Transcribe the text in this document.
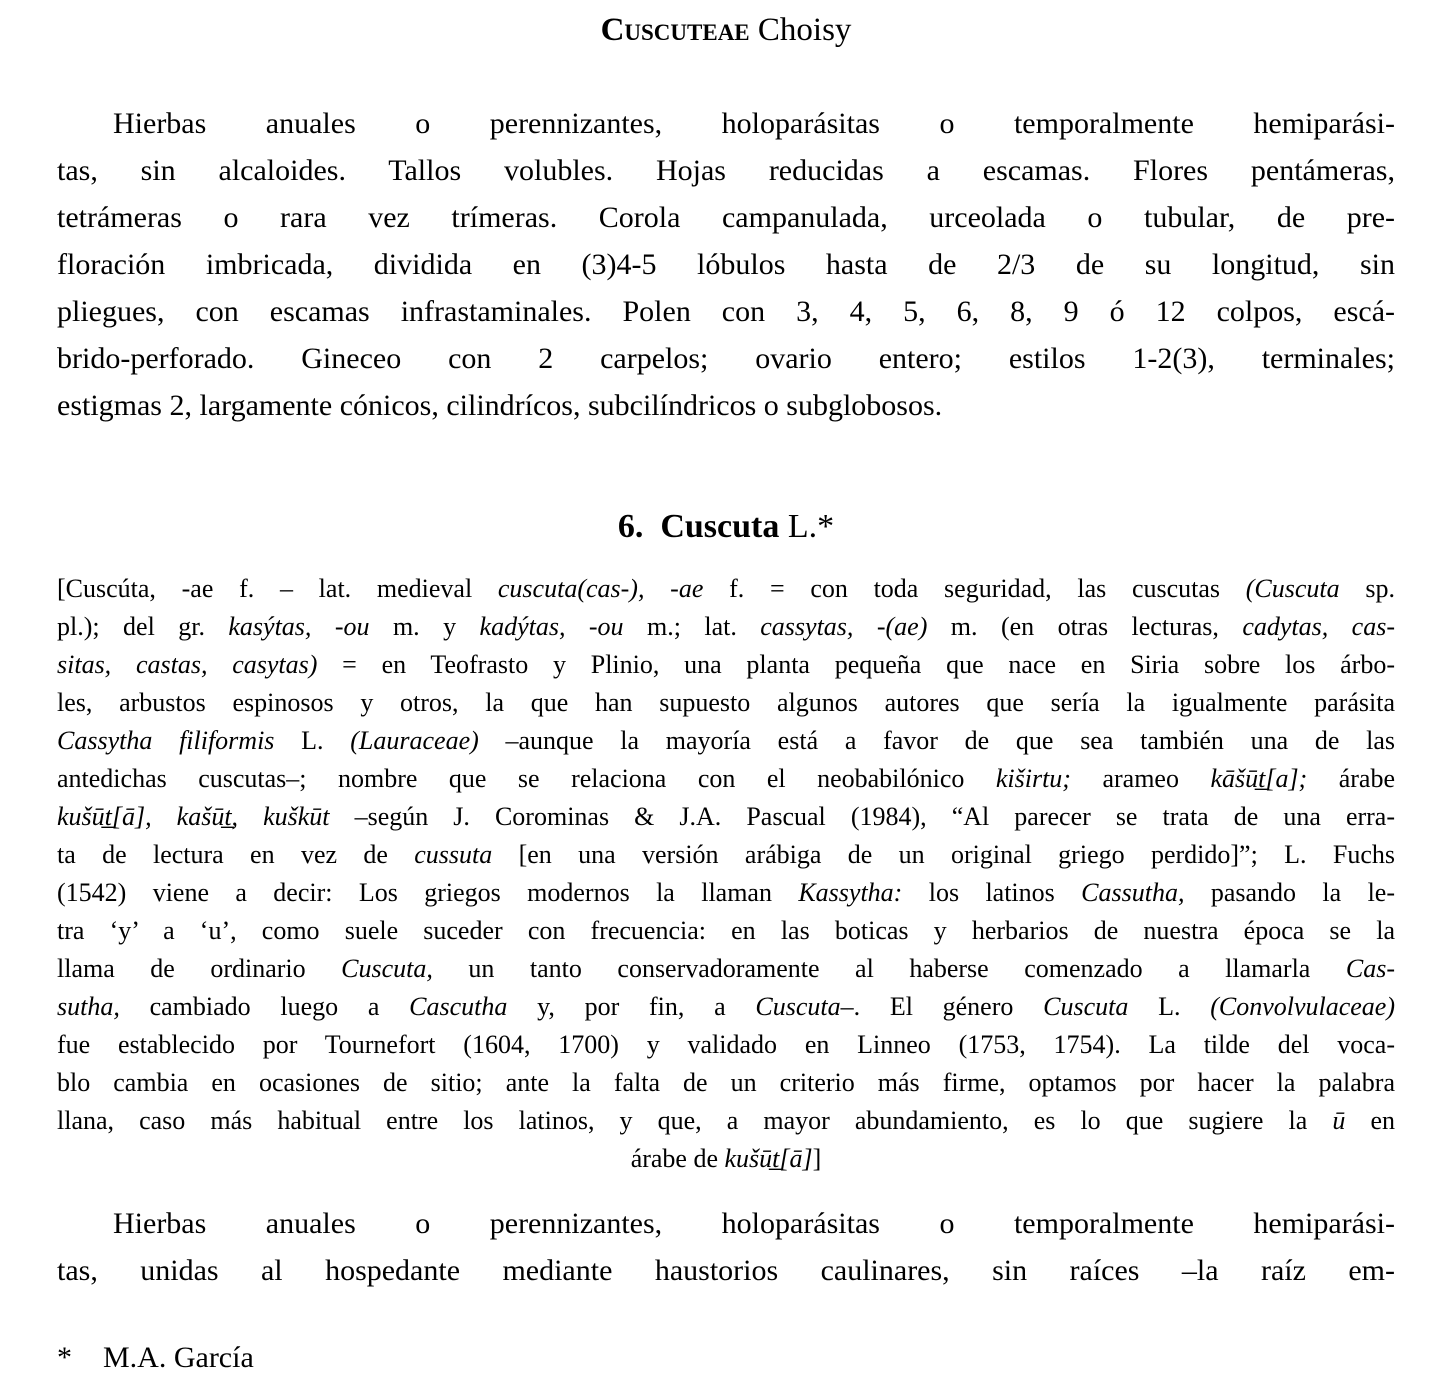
Cuscuteae Choisy
Hierbas anuales o perennizantes, holoparásitas o temporalmente hemiparási-
tas, sin alcaloides. Tallos volubles. Hojas reducidas a escamas. Flores pentámeras,
tetrámeras o rara vez trímeras. Corola campanulada, urceolada o tubular, de pre-
floración imbricada, dividida en (3)4-5 lóbulos hasta de 2/3 de su longitud, sin
pliegues, con escamas infrastaminales. Polen con 3, 4, 5, 6, 8, 9 ó 12 colpos, escá-
brido-perforado. Gineceo con 2 carpelos; ovario entero; estilos 1-2(3), terminales;
estigmas 2, largamente cónicos, cilindrícos, subcilíndricos o subglobosos.
6.  Cuscuta L.*
[Cuscúta, -ae f. – lat. medieval cuscuta(cas-), -ae f. = con toda seguridad, las cuscutas (Cuscuta sp.
pl.); del gr. kasýtas, -ou m. y kadýtas, -ou m.; lat. cassytas, -(ae) m. (en otras lecturas, cadytas, cas-
sitas, castas, casytas) = en Teofrasto y Plinio, una planta pequeña que nace en Siria sobre los árbo-
les, arbustos espinosos y otros, la que han supuesto algunos autores que sería la igualmente parásita
Cassytha filiformis L. (Lauraceae) –aunque la mayoría está a favor de que sea también una de las
antedichas cuscutas–; nombre que se relaciona con el neobabilónico kiširtu; arameo kāšūt̲[a]; árabe
kušūt̲[ā], kašūt̲, kuškūt –según J. Corominas & J.A. Pascual (1984), “Al parecer se trata de una erra-
ta de lectura en vez de cussuta [en una versión arábiga de un original griego perdido]”; L. Fuchs
(1542) viene a decir: Los griegos modernos la llaman Kassytha: los latinos Cassutha, pasando la le-
tra ‘y’ a ‘u’, como suele suceder con frecuencia: en las boticas y herbarios de nuestra época se la
llama de ordinario Cuscuta, un tanto conservadoramente al haberse comenzado a llamarla Cas-
sutha, cambiado luego a Cascutha y, por fin, a Cuscuta–. El género Cuscuta L. (Convolvulaceae)
fue establecido por Tournefort (1604, 1700) y validado en Linneo (1753, 1754). La tilde del voca-
blo cambia en ocasiones de sitio; ante la falta de un criterio más firme, optamos por hacer la palabra
llana, caso más habitual entre los latinos, y que, a mayor abundamiento, es lo que sugiere la ū en
árabe de kušūt̲[ā]]
Hierbas anuales o perennizantes, holoparásitas o temporalmente hemiparási-
tas, unidas al hospedante mediante haustorios caulinares, sin raíces –la raíz em-
* M.A. García
